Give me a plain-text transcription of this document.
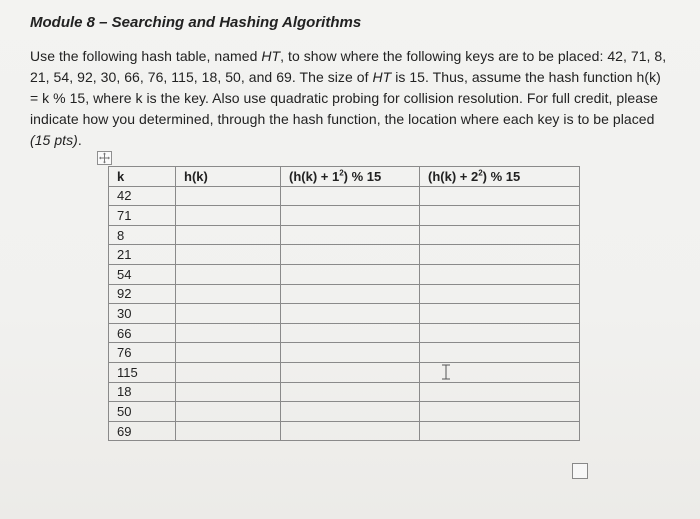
Module 8 – Searching and Hashing Algorithms
Use the following hash table, named HT, to show where the following keys are to be placed: 42, 71, 8, 21, 54, 92, 30, 66, 76, 115, 18, 50, and 69. The size of HT is 15. Thus, assume the hash function h(k) = k % 15, where k is the key. Also use quadratic probing for collision resolution. For full credit, please indicate how you determined, through the hash function, the location where each key is to be placed (15 pts).
k	h(k)	$(h(k) + 1^2)$ % 15	$(h(k) + 2^2)$ % 15
42			
71			
8			
21			
54			
92			
30			
66			
76			
115			
18			
50			
69			
